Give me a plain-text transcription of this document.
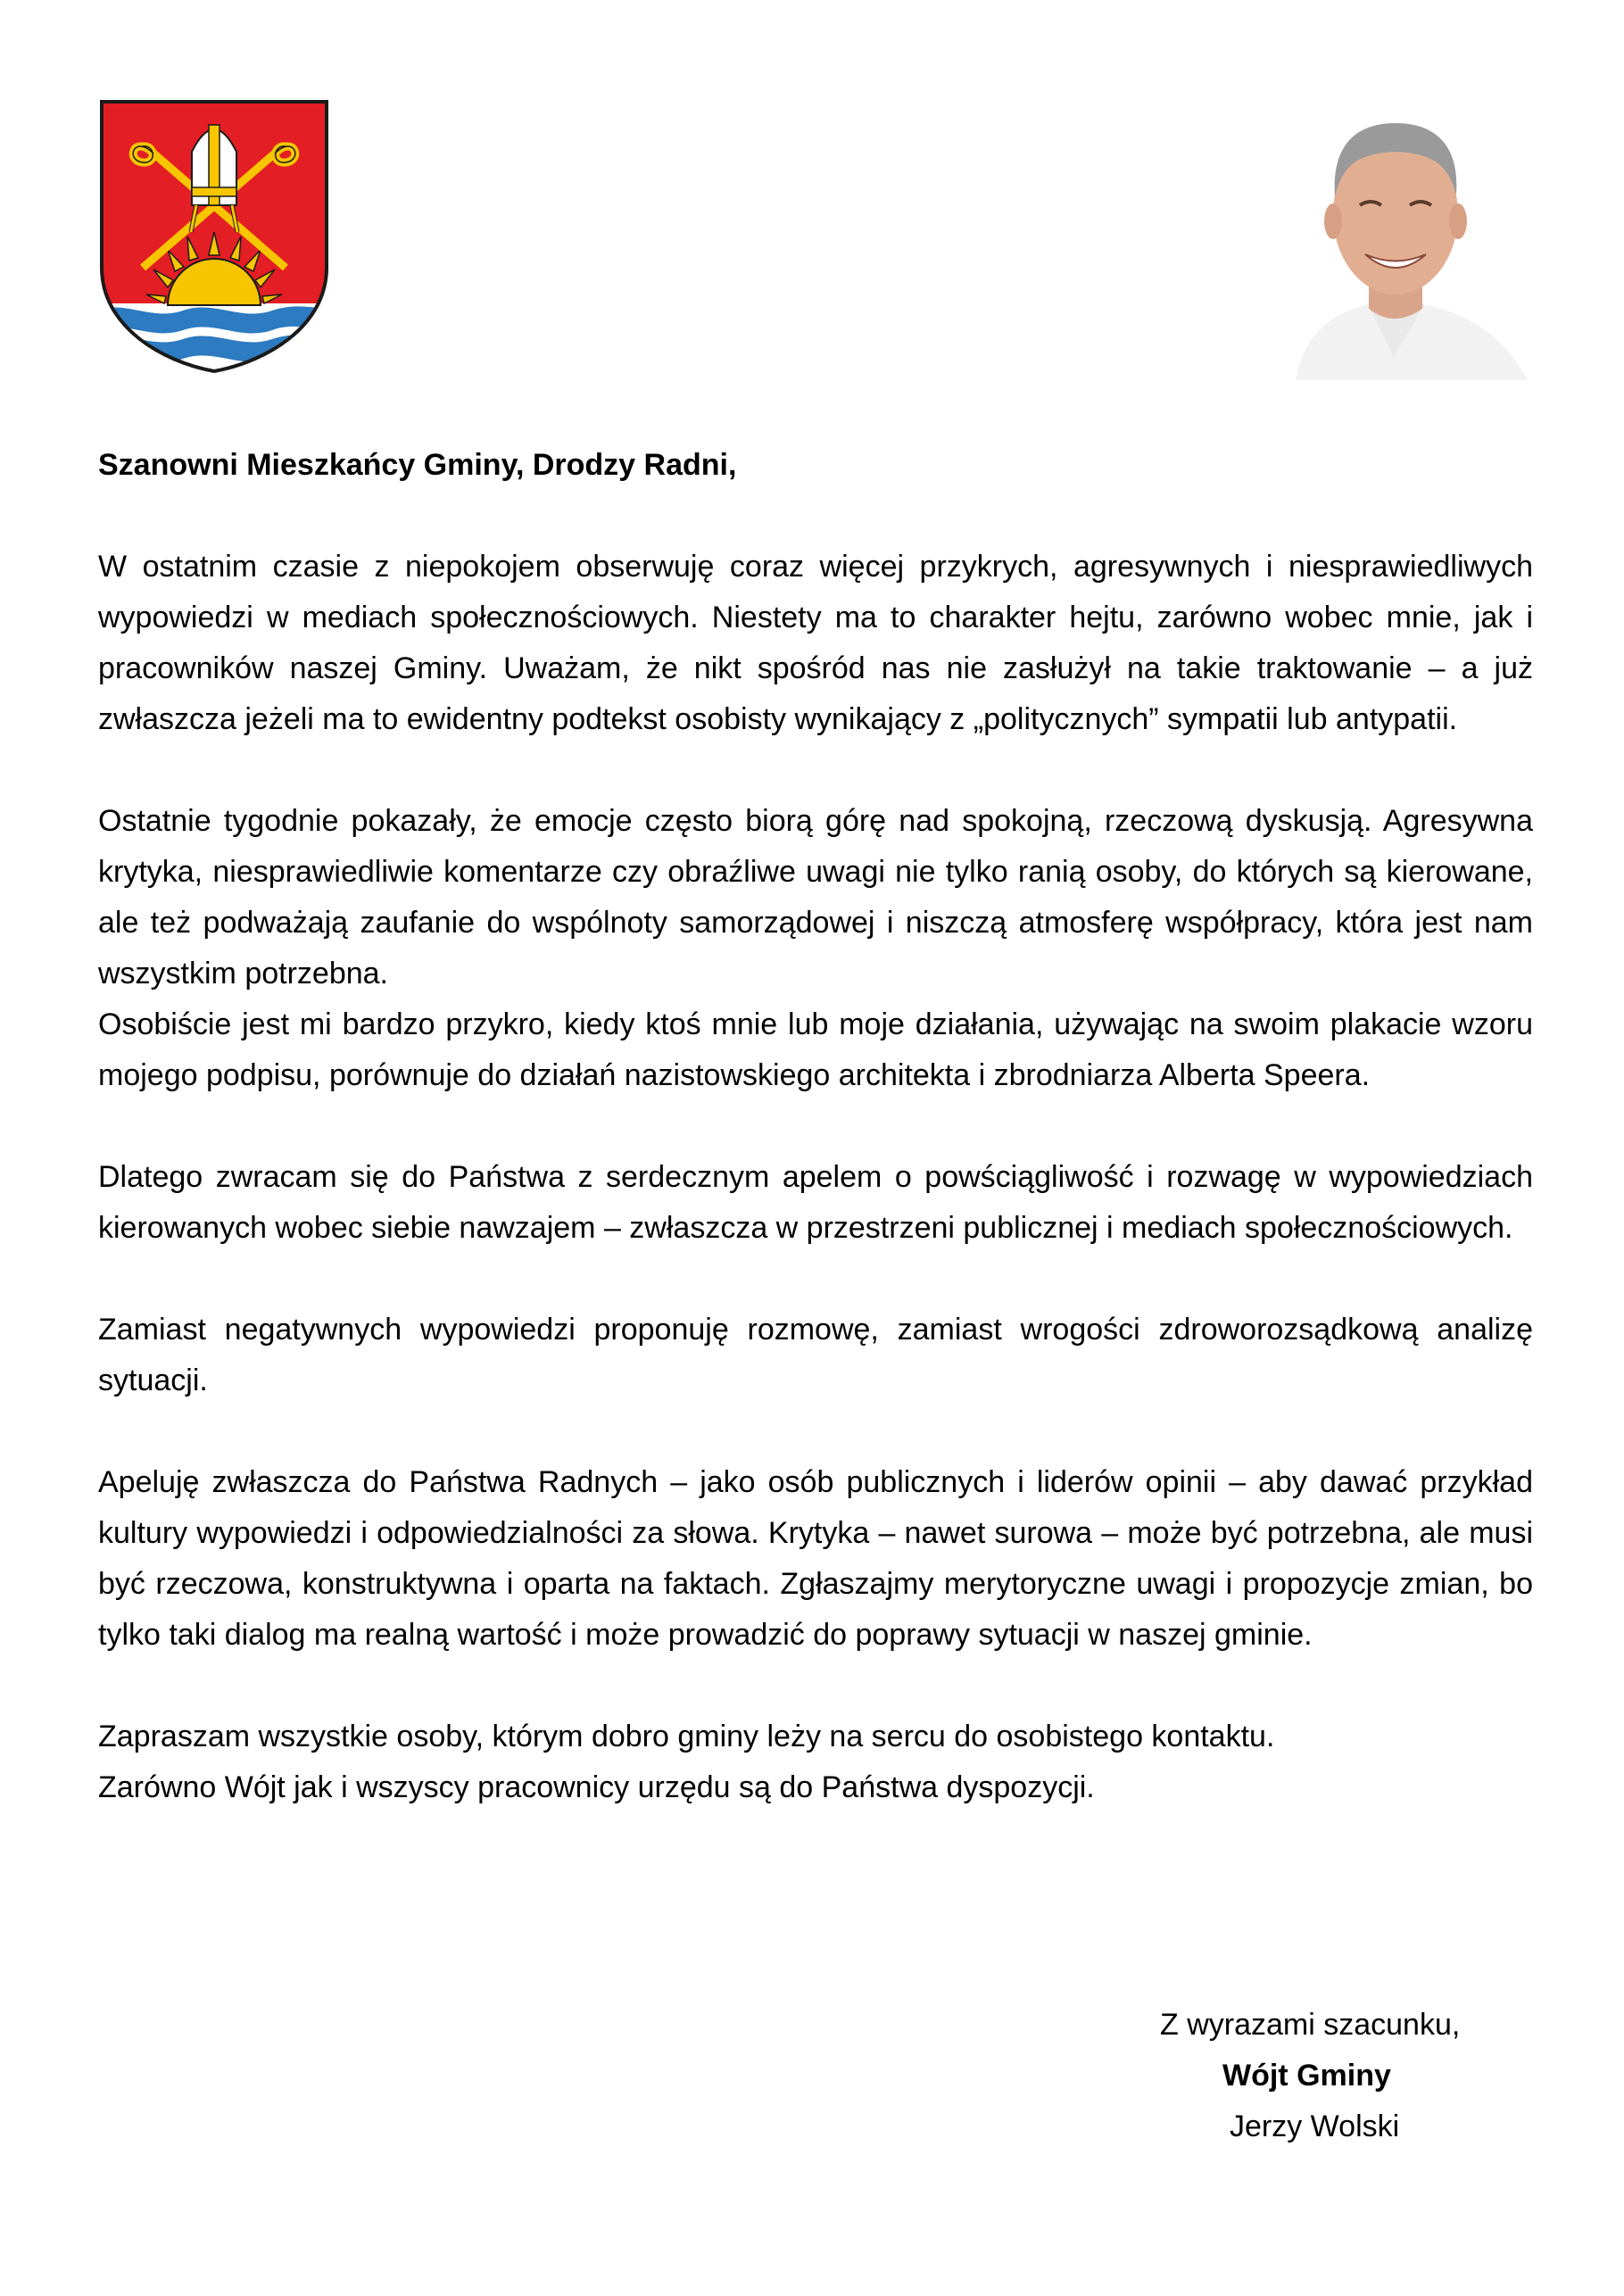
Szanowni Mieszkańcy Gminy, Drodzy Radni,

W ostatnim czasie z niepokojem obserwuję coraz więcej przykrych, agresywnych i niesprawiedliwych wypowiedzi w mediach społecznościowych. Niestety ma to charakter hejtu, zarówno wobec mnie, jak i pracowników naszej Gminy. Uważam, że nikt spośród nas nie zasłużył na takie traktowanie – a już zwłaszcza jeżeli ma to ewidentny podtekst osobisty wynikający z „politycznych” sympatii lub antypatii.

Ostatnie tygodnie pokazały, że emocje często biorą górę nad spokojną, rzeczową dyskusją. Agresywna krytyka, niesprawiedliwie komentarze czy obraźliwe uwagi nie tylko ranią osoby, do których są kierowane, ale też podważają zaufanie do wspólnoty samorządowej i niszczą atmosferę współpracy, która jest nam wszystkim potrzebna.

Osobiście jest mi bardzo przykro, kiedy ktoś mnie lub moje działania, używając na swoim plakacie wzoru mojego podpisu, porównuje do działań nazistowskiego architekta i zbrodniarza Alberta Speera.

Dlatego zwracam się do Państwa z serdecznym apelem o powściągliwość i rozwagę w wypowiedziach kierowanych wobec siebie nawzajem – zwłaszcza w przestrzeni publicznej i mediach społecznościowych.

Zamiast negatywnych wypowiedzi proponuję rozmowę, zamiast wrogości zdroworozsądkową analizę sytuacji.

Apeluję zwłaszcza do Państwa Radnych – jako osób publicznych i liderów opinii – aby dawać przykład kultury wypowiedzi i odpowiedzialności za słowa. Krytyka – nawet surowa – może być potrzebna, ale musi być rzeczowa, konstruktywna i oparta na faktach. Zgłaszajmy merytoryczne uwagi i propozycje zmian, bo tylko taki dialog ma realną wartość i może prowadzić do poprawy sytuacji w naszej gminie.

Zapraszam wszystkie osoby, którym dobro gminy leży na sercu do osobistego kontaktu.
Zarówno Wójt jak i wszyscy pracownicy urzędu są do Państwa dyspozycji.

Z wyrazami szacunku,
Wójt Gminy
Jerzy Wolski
